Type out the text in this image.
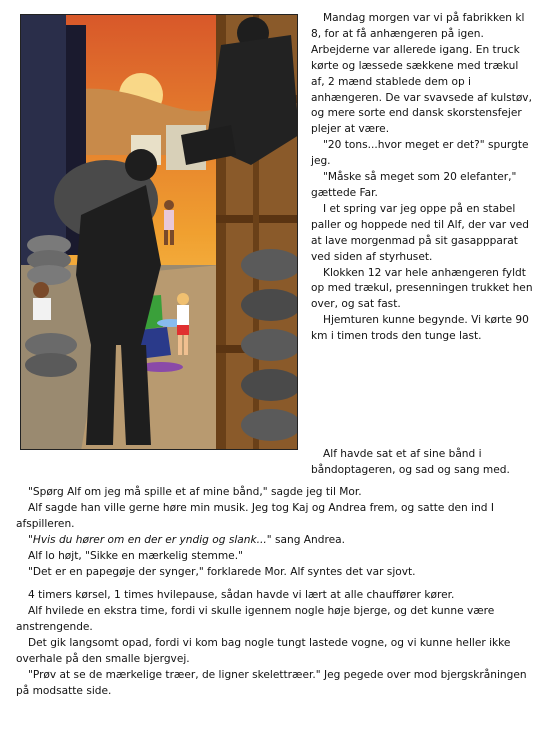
Mandag morgen var vi på fabrikken kl 8, for at få anhængeren på igen. Arbejderne var allerede igang. En truck kørte og læssede sækkene med trækul af, 2 mænd stablede dem op i anhængeren. De var svavsede af kulstøv, og mere sorte end dansk skorstensfejer plejer at være.

"20 tons...hvor meget er det?" spurgte jeg.

"Måske så meget som 20 elefanter," gættede Far.

I et spring var jeg oppe på en stabel paller og hoppede ned til Alf, der var ved at lave morgenmad på sit gasappparat ved siden af styrhuset.

Klokken 12 var hele anhængeren fyldt op med trækul, presenningen trukket hen over, og sat fast.

Hjemturen kunne begynde. Vi kørte 90 km i timen trods den tunge last.

Alf havde sat et af sine bånd i båndoptageren, og sad og sang med.

"Spørg Alf om jeg må spille et af mine bånd," sagde jeg til Mor.

Alf sagde han ville gerne høre min musik. Jeg tog Kaj og Andrea frem, og satte den ind I afspilleren.

"Hvis du hører om en der er yndig og slank..." sang Andrea.

Alf lo højt, "Sikke en mærkelig stemme."

"Det er en papegøje der synger," forklarede Mor. Alf syntes det var sjovt.

4 timers kørsel, 1 times hvilepause, sådan havde vi lært at alle chauffører kører.

Alf hvilede en ekstra time, fordi vi skulle igennem nogle høje bjerge, og det kunne være anstrengende.

Det gik langsomt opad, fordi vi kom bag nogle tungt lastede vogne, og vi kunne heller ikke overhale på den smalle bjergvej.

"Prøv at se de mærkelige træer, de ligner skelettræer." Jeg pegede over mod bjergskråningen på modsatte side.
